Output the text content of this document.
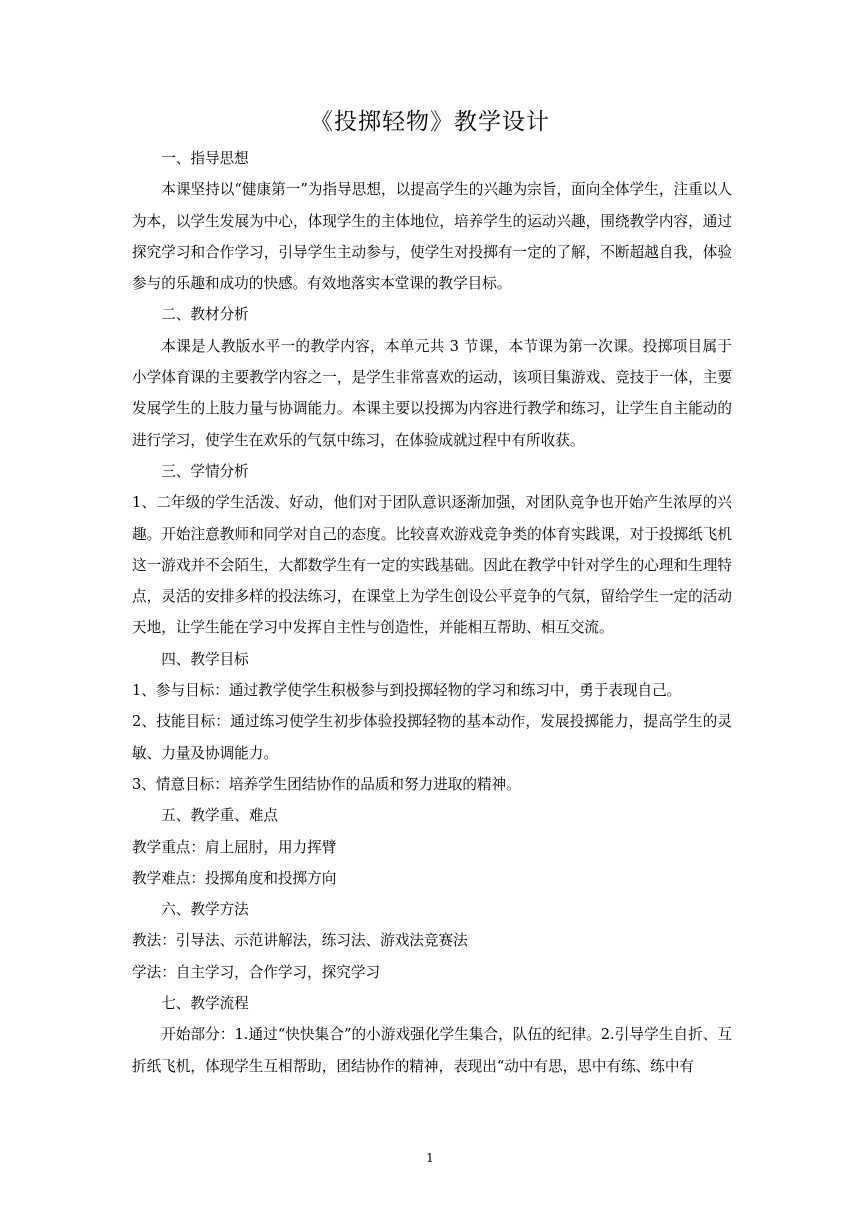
《投掷轻物》教学设计

一、指导思想

本课坚持以“健康第一”为指导思想，以提高学生的兴趣为宗旨，面向全体学生，注重以人为本，以学生发展为中心，体现学生的主体地位，培养学生的运动兴趣，围绕教学内容，通过探究学习和合作学习，引导学生主动参与，使学生对投掷有一定的了解，不断超越自我，体验参与的乐趣和成功的快感。有效地落实本堂课的教学目标。

二、教材分析

本课是人教版水平一的教学内容，本单元共 3 节课，本节课为第一次课。投掷项目属于小学体育课的主要教学内容之一，是学生非常喜欢的运动，该项目集游戏、竞技于一体，主要发展学生的上肢力量与协调能力。本课主要以投掷为内容进行教学和练习，让学生自主能动的进行学习，使学生在欢乐的气氛中练习，在体验成就过程中有所收获。

三、学情分析

1、二年级的学生活泼、好动，他们对于团队意识逐渐加强，对团队竞争也开始产生浓厚的兴趣。开始注意教师和同学对自己的态度。比较喜欢游戏竞争类的体育实践课，对于投掷纸飞机这一游戏并不会陌生，大都数学生有一定的实践基础。因此在教学中针对学生的心理和生理特点，灵活的安排多样的投法练习，在课堂上为学生创设公平竞争的气氛，留给学生一定的活动天地，让学生能在学习中发挥自主性与创造性，并能相互帮助、相互交流。

四、教学目标

1、参与目标：通过教学使学生积极参与到投掷轻物的学习和练习中，勇于表现自己。

2、技能目标：通过练习使学生初步体验投掷轻物的基本动作，发展投掷能力，提高学生的灵敏、力量及协调能力。

3、情意目标：培养学生团结协作的品质和努力进取的精神。

五、教学重、难点

教学重点：肩上屈肘，用力挥臂

教学难点：投掷角度和投掷方向

六、教学方法

教法：引导法、示范讲解法，练习法、游戏法竞赛法

学法：自主学习，合作学习，探究学习

七、教学流程

开始部分：1.通过“快快集合”的小游戏强化学生集合，队伍的纪律。2.引导学生自折、互折纸飞机，体现学生互相帮助，团结协作的精神，表现出“动中有思，思中有练、练中有

1
